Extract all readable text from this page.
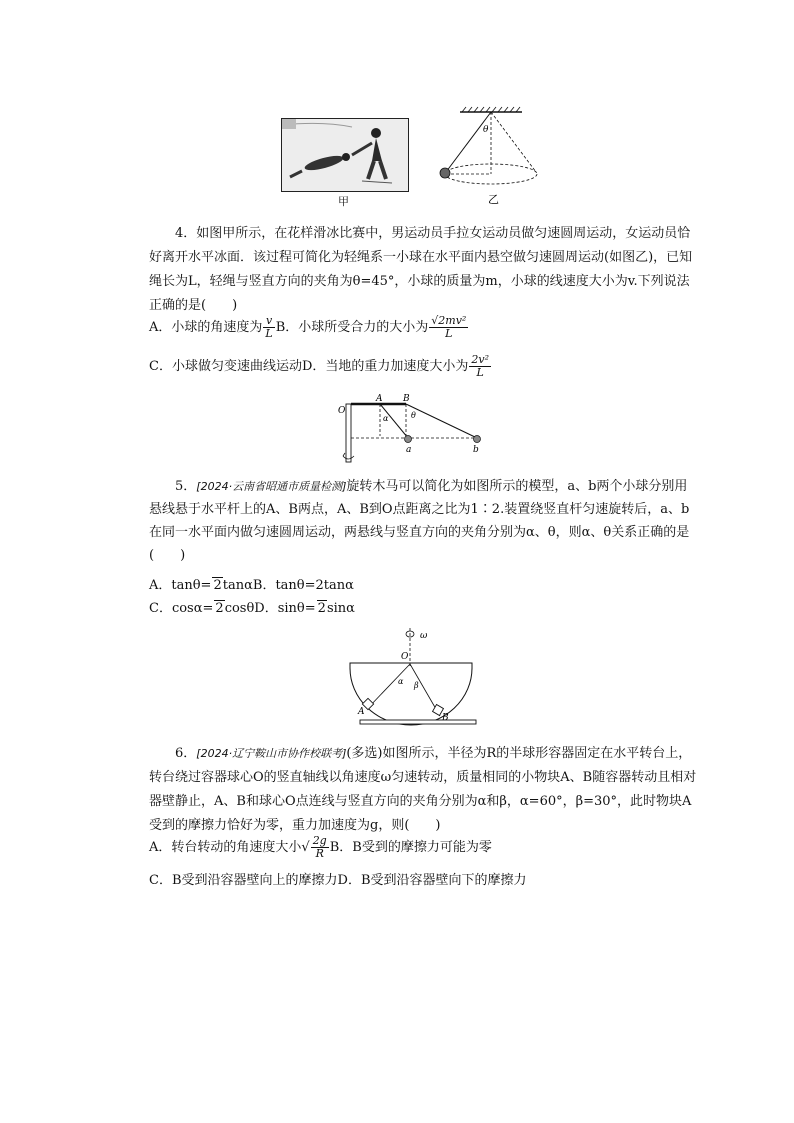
甲
θ
乙

4．如图甲所示，在花样滑冰比赛中，男运动员手拉女运动员做匀速圆周运动，女运动员恰好离开水平冰面．该过程可简化为轻绳系一小球在水平面内悬空做匀速圆周运动(如图乙)，已知绳长为L，轻绳与竖直方向的夹角为θ=45°，小球的质量为m，小球的线速度大小为v.下列说法正确的是(　　)

A．小球的角速度为 $\frac{v}{L}$ B．小球所受合力的大小为 $\frac{\text{√2mv²}}{L}$
C．小球做匀变速曲线运动D．当地的重力加速度大小为 $\frac{\text{2v²}}{L}$
O
A B
α	θ
a	b

5．[2024·云南省昭通市质量检测]旋转木马可以简化为如图所示的模型，a、b两个小球分别用悬线悬于水平杆上的A、B两点，A、B到O点距离之比为1∶2.装置绕竖直杆匀速旋转后，a、b在同一水平面内做匀速圆周运动，两悬线与竖直方向的夹角分别为α、θ，则α、θ关系正确的是(　　)

A．tanθ= 2tanαB．tanθ=2tanα
C．cosα= 2cosθD．sinθ= 2sinα
ω
O
α β
A
B

6．[2024·辽宁鞍山市协作校联考](多选)如图所示，半径为R的半球形容器固定在水平转台上，转台绕过容器球心O的竖直轴线以角速度ω匀速转动，质量相同的小物块A、B随容器转动且相对器壁静止，A、B和球心O点连线与竖直方向的夹角分别为α和β，α=60°，β=30°，此时物块A受到的摩擦力恰好为零，重力加速度为g，则(　　)

A．转台转动的角速度大小√ $\frac{2g}{R}$ B．B受到的摩擦力可能为零
C．B受到沿容器壁向上的摩擦力D．B受到沿容器壁向下的摩擦力
